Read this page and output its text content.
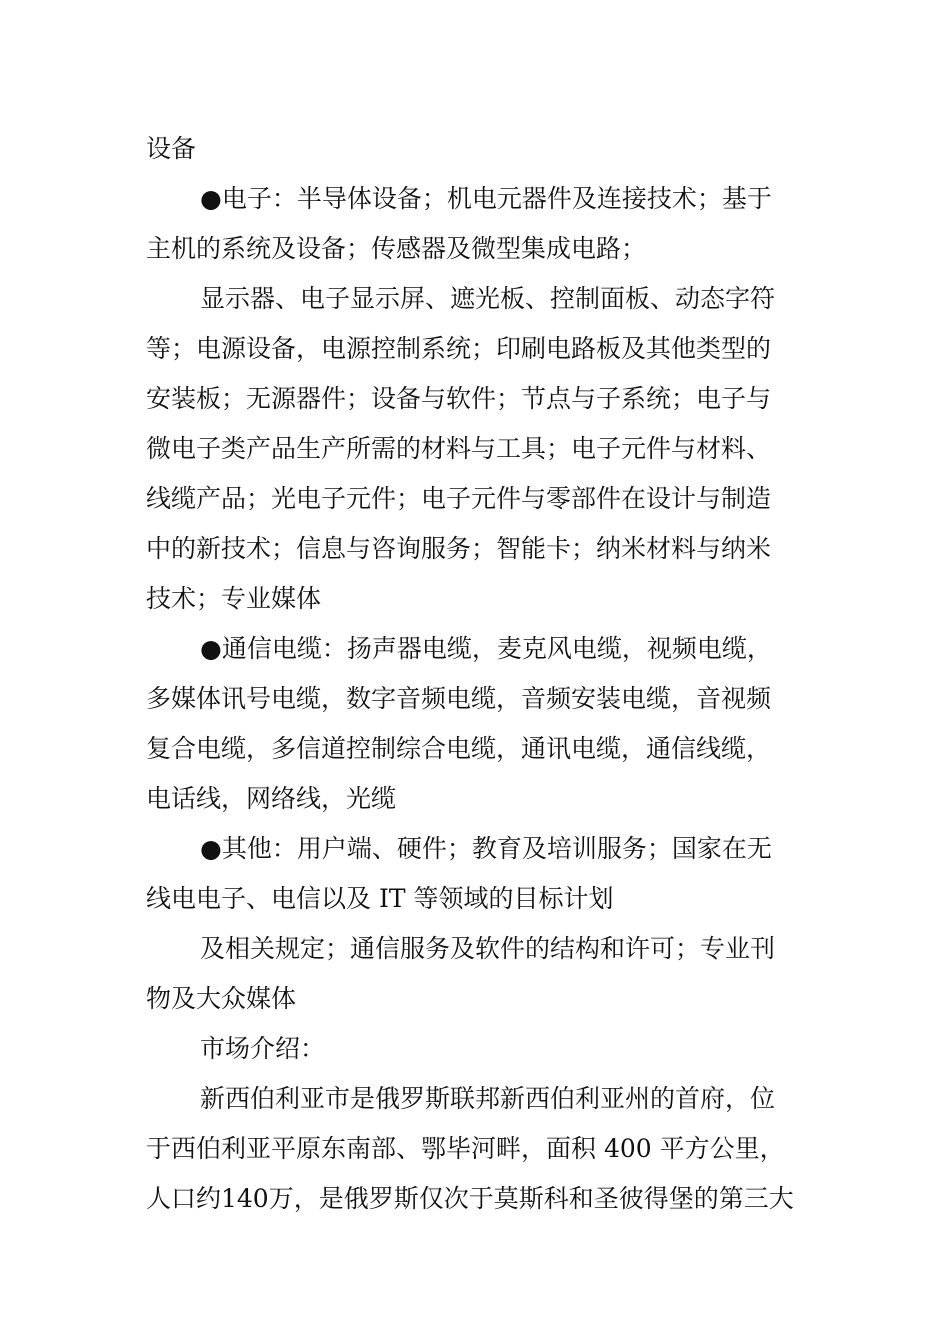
设备
●电子：半导体设备；机电元器件及连接技术；基于
主机的系统及设备；传感器及微型集成电路；
显示器、电子显示屏、遮光板、控制面板、动态字符
等；电源设备，电源控制系统；印刷电路板及其他类型的
安装板；无源器件；设备与软件；节点与子系统；电子与
微电子类产品生产所需的材料与工具；电子元件与材料、
线缆产品；光电子元件；电子元件与零部件在设计与制造
中的新技术；信息与咨询服务；智能卡；纳米材料与纳米
技术；专业媒体
●通信电缆：扬声器电缆，麦克风电缆，视频电缆，
多媒体讯号电缆，数字音频电缆，音频安装电缆，音视频
复合电缆，多信道控制综合电缆，通讯电缆，通信线缆，
电话线，网络线，光缆
●其他：用户端、硬件；教育及培训服务；国家在无
线电电子、电信以及 IT 等领域的目标计划
及相关规定；通信服务及软件的结构和许可；专业刊
物及大众媒体
市场介绍：
新西伯利亚市是俄罗斯联邦新西伯利亚州的首府，位
于西伯利亚平原东南部、鄂毕河畔，面积 400 平方公里，
人口约140万，是俄罗斯仅次于莫斯科和圣彼得堡的第三大
